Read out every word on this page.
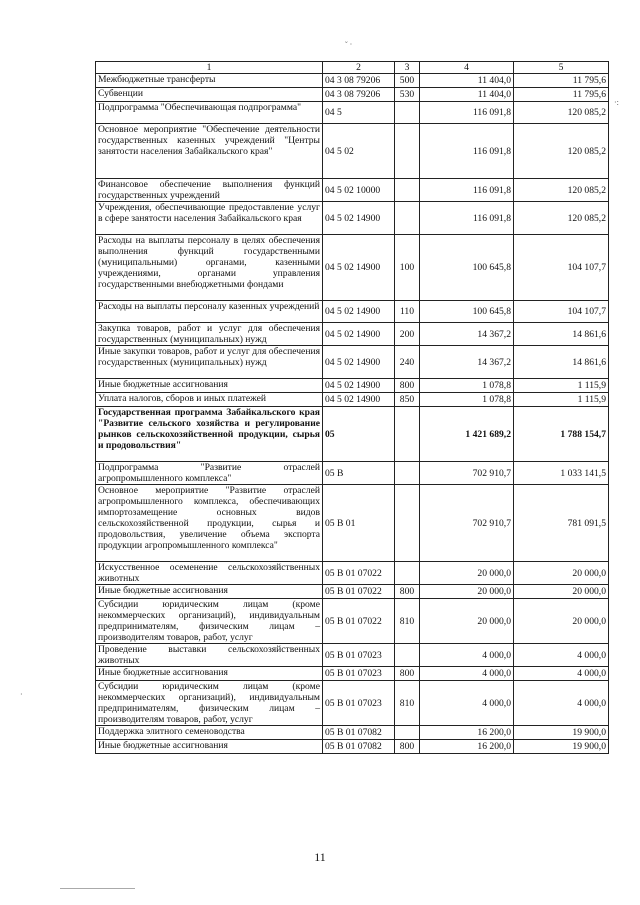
˘ ·
·:
·
1	2	3	4	5
Межбюджетные трансферты	04 3 08 79206	500	11 404,0	11 795,6
Субвенции	04 3 08 79206	530	11 404,0	11 795,6
Подпрограмма "Обеспечивающая подпрограмма"	04 5		116 091,8	120 085,2
Основное мероприятие "Обеспечение деятельности государственных казенных учреждений "Центры занятости населения Забайкальского края"	04 5 02		116 091,8	120 085,2
Финансовое обеспечение выполнения функций государственных учреждений	04 5 02 10000		116 091,8	120 085,2
Учреждения, обеспечивающие предоставление услуг в сфере занятости населения Забайкальского края	04 5 02 14900		116 091,8	120 085,2
Расходы на выплаты персоналу в целях обеспечения выполнения функций государственными (муниципальными) органами, казенными учреждениями, органами управления государственными внебюджетными фондами	04 5 02 14900	100	100 645,8	104 107,7
Расходы на выплаты персоналу казенных учреждений	04 5 02 14900	110	100 645,8	104 107,7
Закупка товаров, работ и услуг для обеспечения государственных (муниципальных) нужд	04 5 02 14900	200	14 367,2	14 861,6
Иные закупки товаров, работ и услуг для обеспечения государственных (муниципальных) нужд	04 5 02 14900	240	14 367,2	14 861,6
Иные бюджетные ассигнования	04 5 02 14900	800	1 078,8	1 115,9
Уплата налогов, сборов и иных платежей	04 5 02 14900	850	1 078,8	1 115,9
Государственная программа Забайкальского края "Развитие сельского хозяйства и регулирование рынков сельскохозяйственной продукции, сырья и продовольствия"	05		1 421 689,2	1 788 154,7
Подпрограмма "Развитие отраслей агропромышленного комплекса"	05 В		702 910,7	1 033 141,5
Основное мероприятие "Развитие отраслей агропромышленного комплекса, обеспечивающих импортозамещение основных видов сельскохозяйственной продукции, сырья и продовольствия, увеличение объема экспорта продукции агропромышленного комплекса"	05 В 01		702 910,7	781 091,5
Искусственное осеменение сельскохозяйственных животных	05 В 01 07022		20 000,0	20 000,0
Иные бюджетные ассигнования	05 В 01 07022	800	20 000,0	20 000,0
Субсидии юридическим лицам (кроме некоммерческих организаций), индивидуальным предпринимателям, физическим лицам – производителям товаров, работ, услуг	05 В 01 07022	810	20 000,0	20 000,0
Проведение выставки сельскохозяйственных животных	05 В 01 07023		4 000,0	4 000,0
Иные бюджетные ассигнования	05 В 01 07023	800	4 000,0	4 000,0
Субсидии юридическим лицам (кроме некоммерческих организаций), индивидуальным предпринимателям, физическим лицам – производителям товаров, работ, услуг	05 В 01 07023	810	4 000,0	4 000,0
Поддержка элитного семеноводства	05 В 01 07082		16 200,0	19 900,0
Иные бюджетные ассигнования	05 В 01 07082	800	16 200,0	19 900,0
11
